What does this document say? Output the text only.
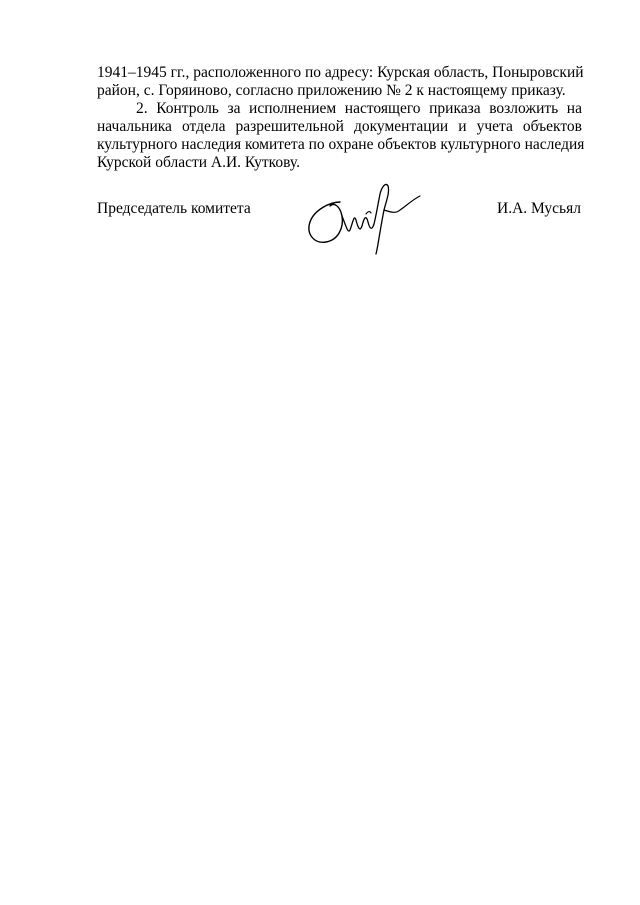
1941–1945 гг., расположенного по адресу: Курская область, Поныровский
район, с. Горяиново, согласно приложению № 2 к настоящему приказу.
2. Контроль за исполнением настоящего приказа возложить на
начальника отдела разрешительной документации и учета объектов
культурного наследия комитета по охране объектов культурного наследия
Курской области А.И. Куткову.
Председатель комитета	И.А. Мусьял
